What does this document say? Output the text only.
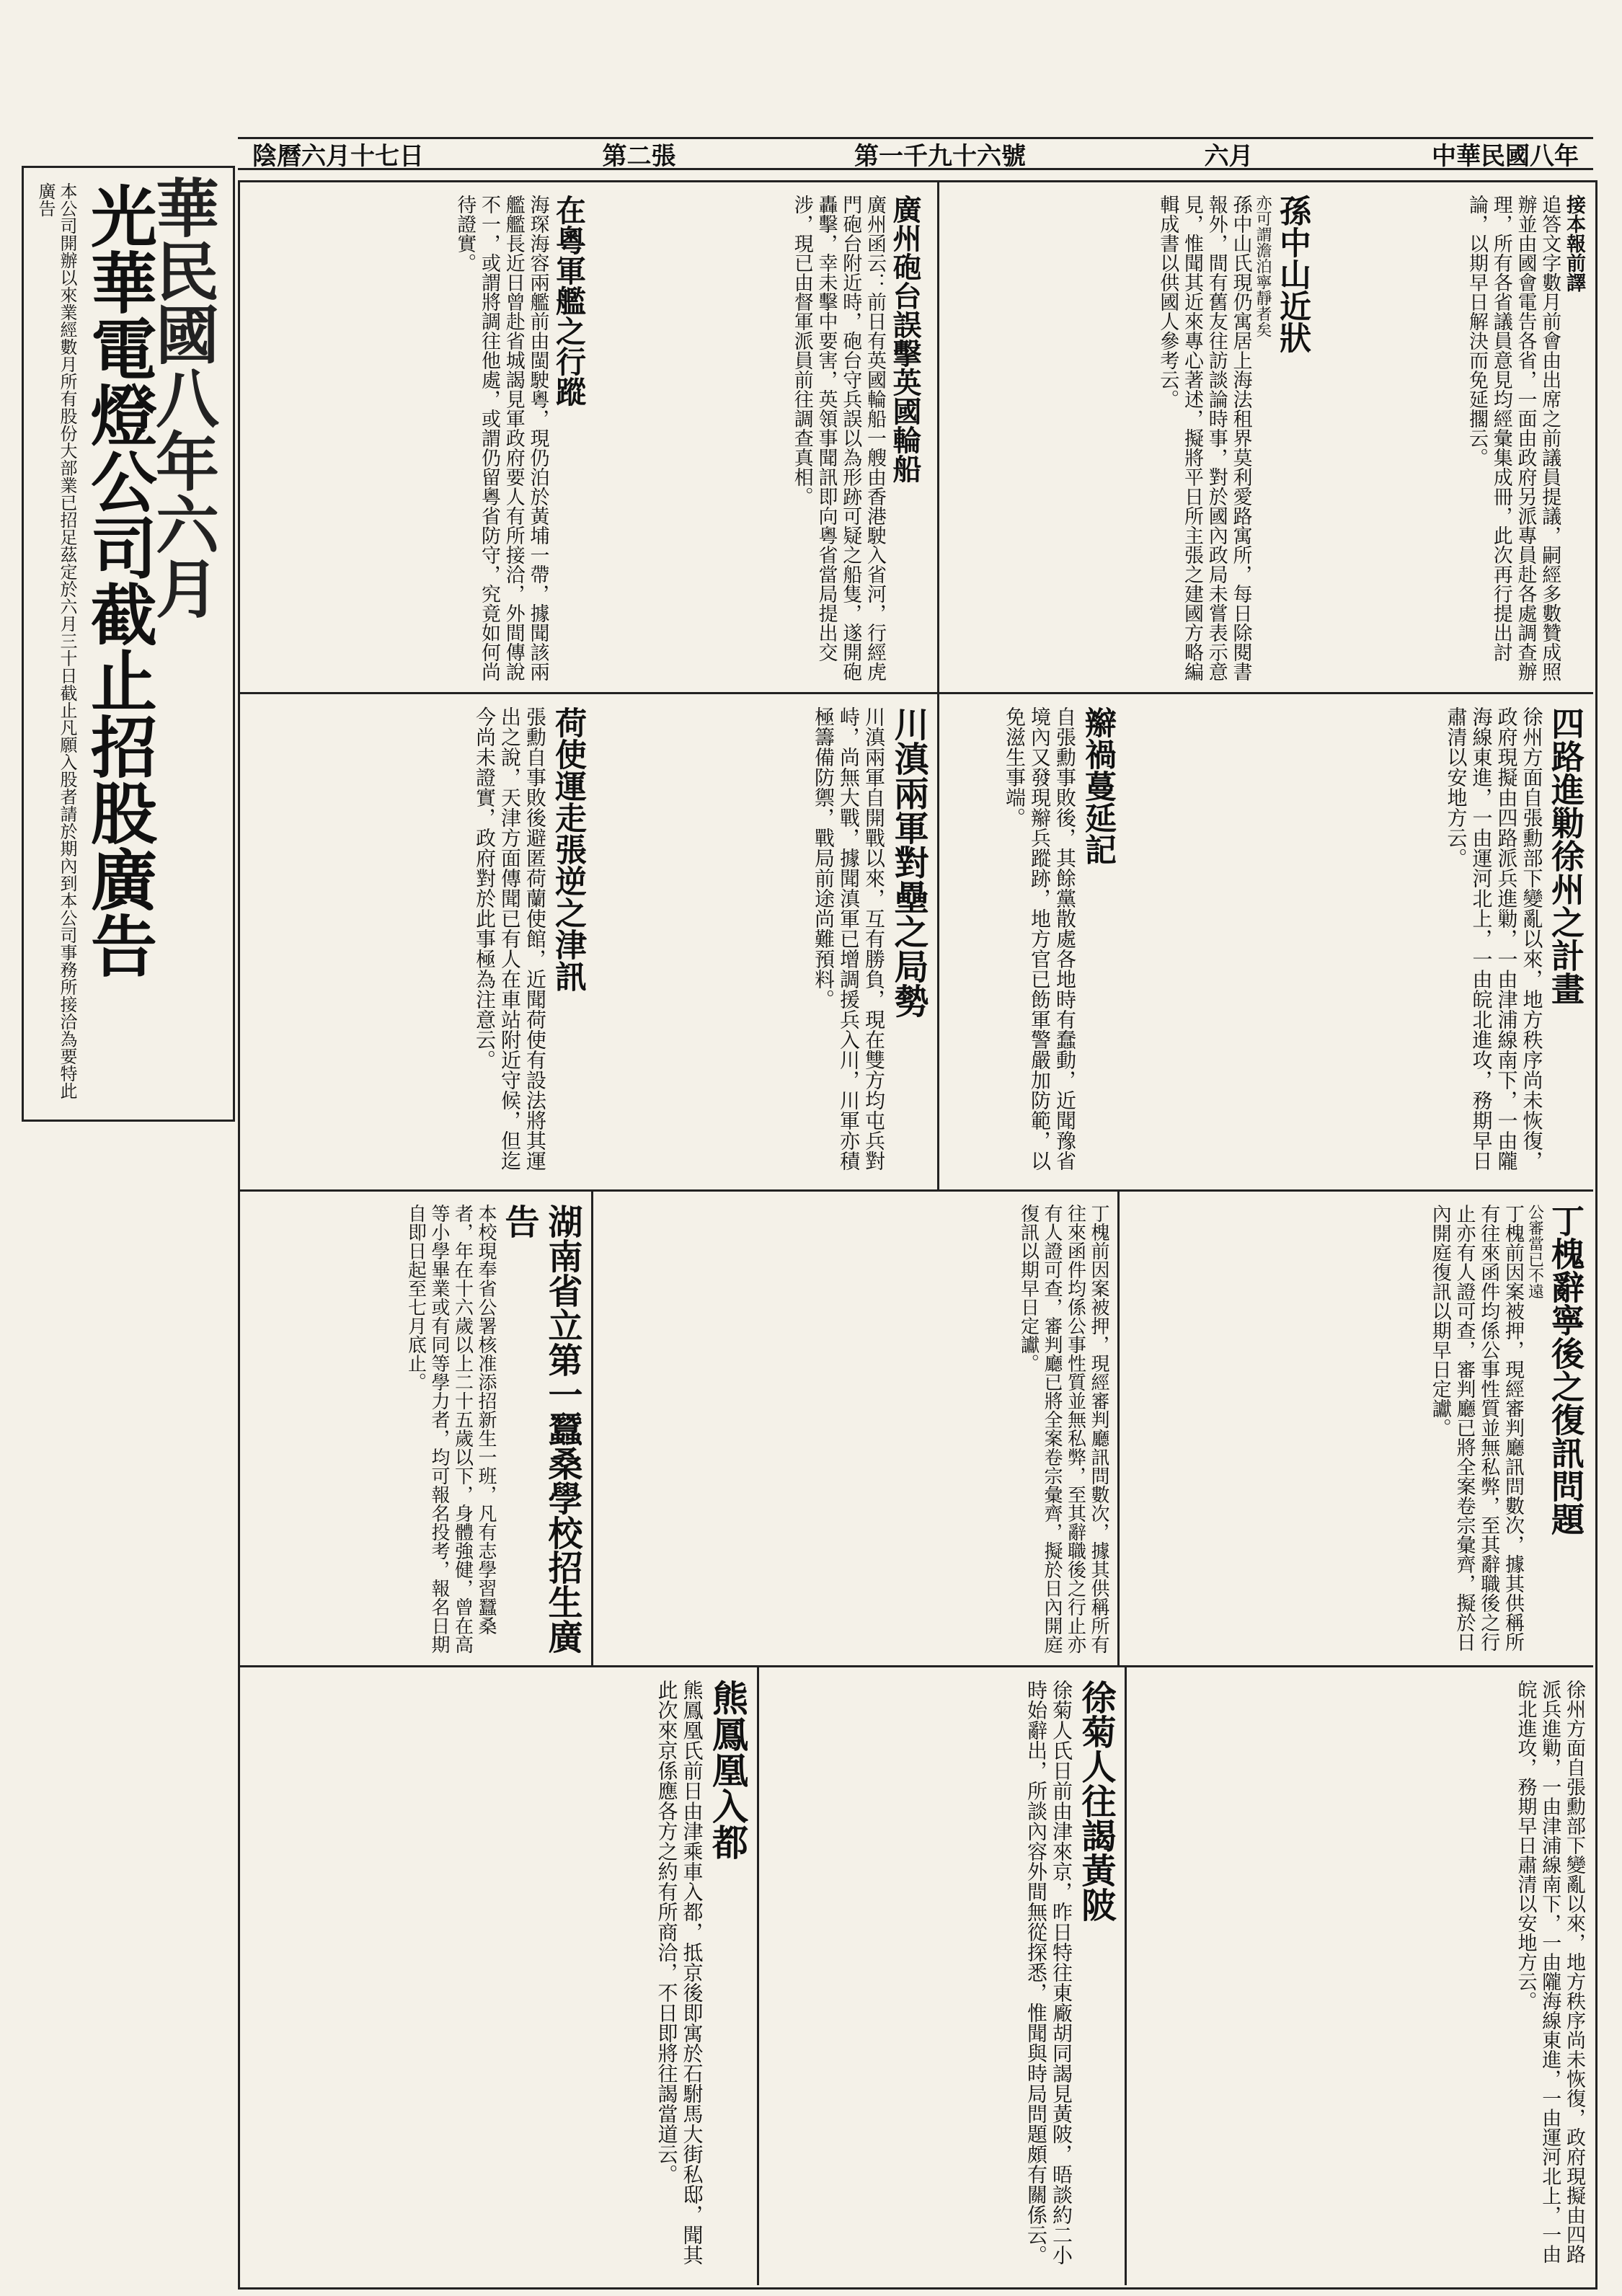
陰曆六月十七日	第二張	第一千九十六號	六月	中華民國八年
華民國八年六月
光華電燈公司截止招股廣告
本公司開辦以來業經數月所有股份大部業已招足茲定於六月三十日截止凡願入股者請於期內到本公司事務所接洽為要特此廣告	接本報前譯
追答文字數月前會由出席之前議員提議，嗣經多數贊成照辦並由國會電告各省，一面由政府另派專員赴各處調查辦理，所有各省議員意見均經彙集成冊，此次再行提出討論，以期早日解決而免延擱云。
孫中山近狀
亦可謂澹泊寧靜者矣
孫中山氏現仍寓居上海法租界莫利愛路寓所，每日除閱書報外，間有舊友往訪談論時事，對於國內政局未嘗表示意見，惟聞其近來專心著述，擬將平日所主張之建國方略編輯成書以供國人參考云。
廣州砲台誤擊英國輪船
廣州函云：前日有英國輪船一艘由香港駛入省河，行經虎門砲台附近時，砲台守兵誤以為形跡可疑之船隻，遂開砲轟擊，幸未擊中要害，英領事聞訊即向粵省當局提出交涉，現已由督軍派員前往調查真相。
在粵軍艦之行蹤
海琛海容兩艦前由閩駛粵，現仍泊於黃埔一帶，據聞該兩艦艦長近日曾赴省城謁見軍政府要人有所接洽，外間傳說不一，或謂將調往他處，或謂仍留粵省防守，究竟如何尚待證實。
四路進勦徐州之計畫
徐州方面自張勳部下變亂以來，地方秩序尚未恢復，政府現擬由四路派兵進勦，一由津浦線南下，一由隴海線東進，一由運河北上，一由皖北進攻，務期早日肅清以安地方云。
辮禍蔓延記
自張勳事敗後，其餘黨散處各地時有蠢動，近聞豫省境內又發現辮兵蹤跡，地方官已飭軍警嚴加防範，以免滋生事端。
川滇兩軍對壘之局勢
川滇兩軍自開戰以來，互有勝負，現在雙方均屯兵對峙，尚無大戰，據聞滇軍已增調援兵入川，川軍亦積極籌備防禦，戰局前途尚難預料。
荷使運走張逆之津訊
張勳自事敗後避匿荷蘭使館，近聞荷使有設法將其運出之說，天津方面傳聞已有人在車站附近守候，但迄今尚未證實，政府對於此事極為注意云。
丁槐辭寧後之復訊問題
公審當已不遠
丁槐前因案被押，現經審判廳訊問數次，據其供稱所有往來函件均係公事性質並無私弊，至其辭職後之行止亦有人證可查，審判廳已將全案卷宗彙齊，擬於日內開庭復訊以期早日定讞。
丁槐前因案被押，現經審判廳訊問數次，據其供稱所有往來函件均係公事性質並無私弊，至其辭職後之行止亦有人證可查，審判廳已將全案卷宗彙齊，擬於日內開庭復訊以期早日定讞。
湖南省立第一蠶桑學校招生廣告
本校現奉省公署核准添招新生一班，凡有志學習蠶桑者，年在十六歲以上二十五歲以下，身體強健，曾在高等小學畢業或有同等學力者，均可報名投考，報名日期自即日起至七月底止。
徐州方面自張勳部下變亂以來，地方秩序尚未恢復，政府現擬由四路派兵進勦，一由津浦線南下，一由隴海線東進，一由運河北上，一由皖北進攻，務期早日肅清以安地方云。
徐菊人往謁黃陂
徐菊人氏日前由津來京，昨日特往東廠胡同謁見黃陂，晤談約二小時始辭出，所談內容外間無從探悉，惟聞與時局問題頗有關係云。
熊鳳凰入都
熊鳳凰氏前日由津乘車入都，抵京後即寓於石駙馬大街私邸，聞其此次來京係應各方之約有所商洽，不日即將往謁當道云。
